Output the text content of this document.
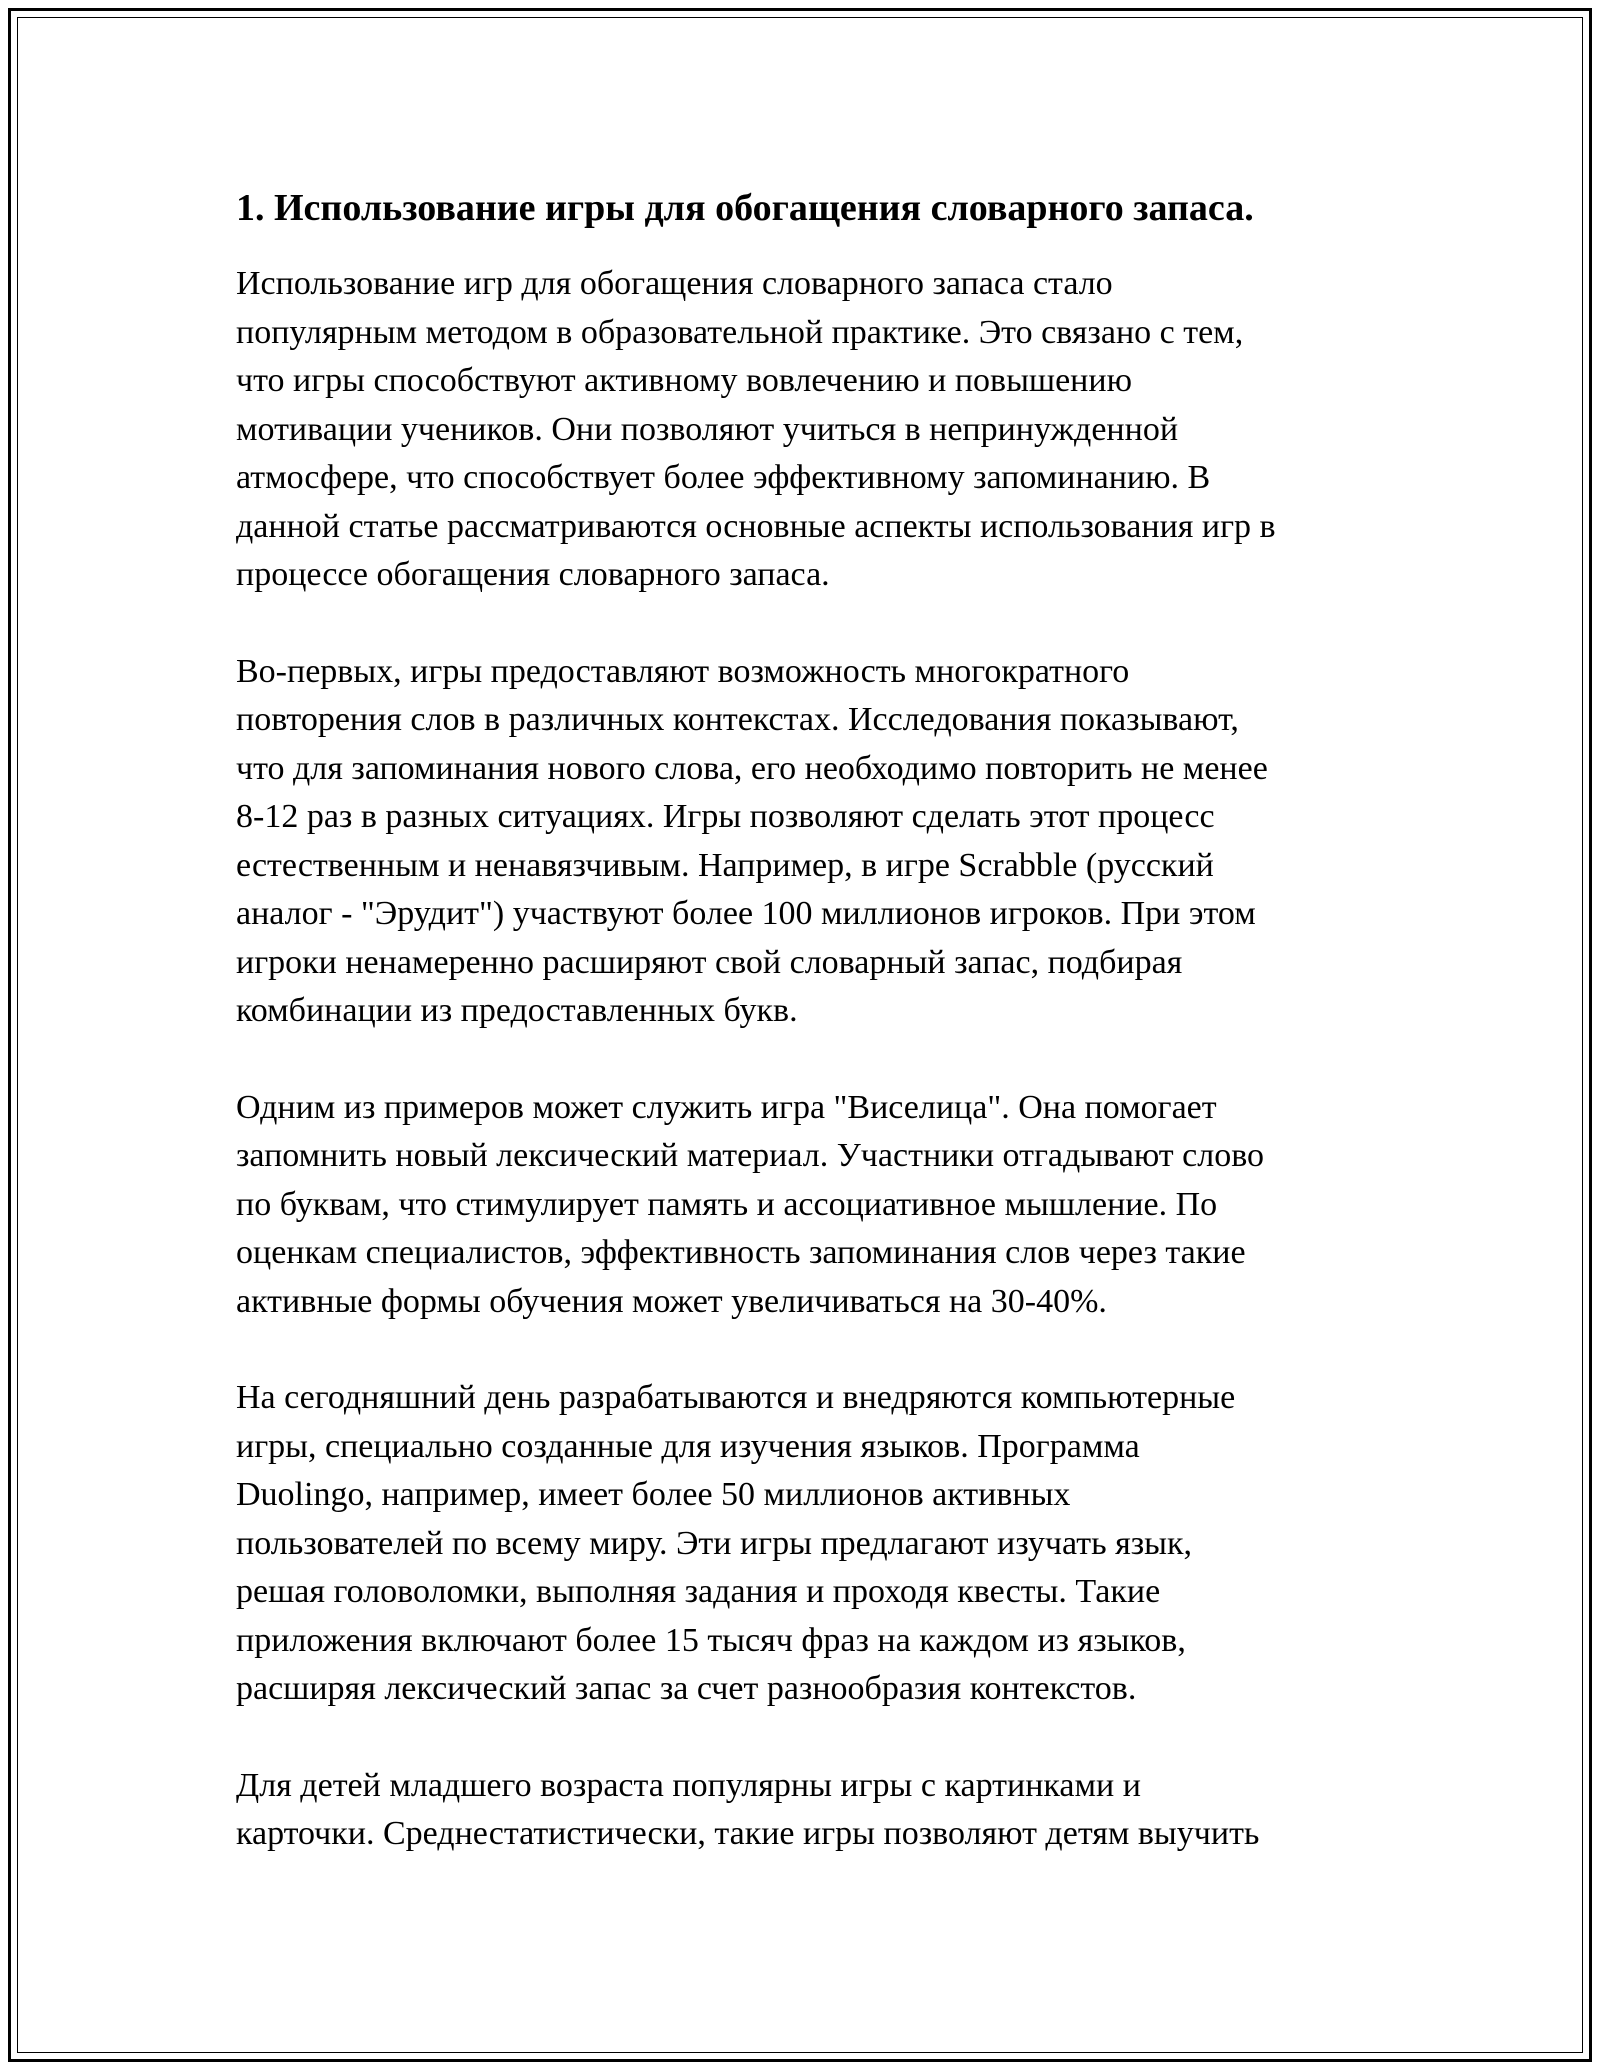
1. Использование игры для обогащения словарного запаса.
Использование игр для обогащения словарного запаса стало
популярным методом в образовательной практике. Это связано с тем,
что игры способствуют активному вовлечению и повышению
мотивации учеников. Они позволяют учиться в непринужденной
атмосфере, что способствует более эффективному запоминанию. В
данной статье рассматриваются основные аспекты использования игр в
процессе обогащения словарного запаса.
Во-первых, игры предоставляют возможность многократного
повторения слов в различных контекстах. Исследования показывают,
что для запоминания нового слова, его необходимо повторить не менее
8-12 раз в разных ситуациях. Игры позволяют сделать этот процесс
естественным и ненавязчивым. Например, в игре Scrabble (русский
аналог - "Эрудит") участвуют более 100 миллионов игроков. При этом
игроки ненамеренно расширяют свой словарный запас, подбирая
комбинации из предоставленных букв.
Одним из примеров может служить игра "Виселица". Она помогает
запомнить новый лексический материал. Участники отгадывают слово
по буквам, что стимулирует память и ассоциативное мышление. По
оценкам специалистов, эффективность запоминания слов через такие
активные формы обучения может увеличиваться на 30-40%.
На сегодняшний день разрабатываются и внедряются компьютерные
игры, специально созданные для изучения языков. Программа
Duolingo, например, имеет более 50 миллионов активных
пользователей по всему миру. Эти игры предлагают изучать язык,
решая головоломки, выполняя задания и проходя квесты. Такие
приложения включают более 15 тысяч фраз на каждом из языков,
расширяя лексический запас за счет разнообразия контекстов.
Для детей младшего возраста популярны игры с картинками и
карточки. Среднестатистически, такие игры позволяют детям выучить
